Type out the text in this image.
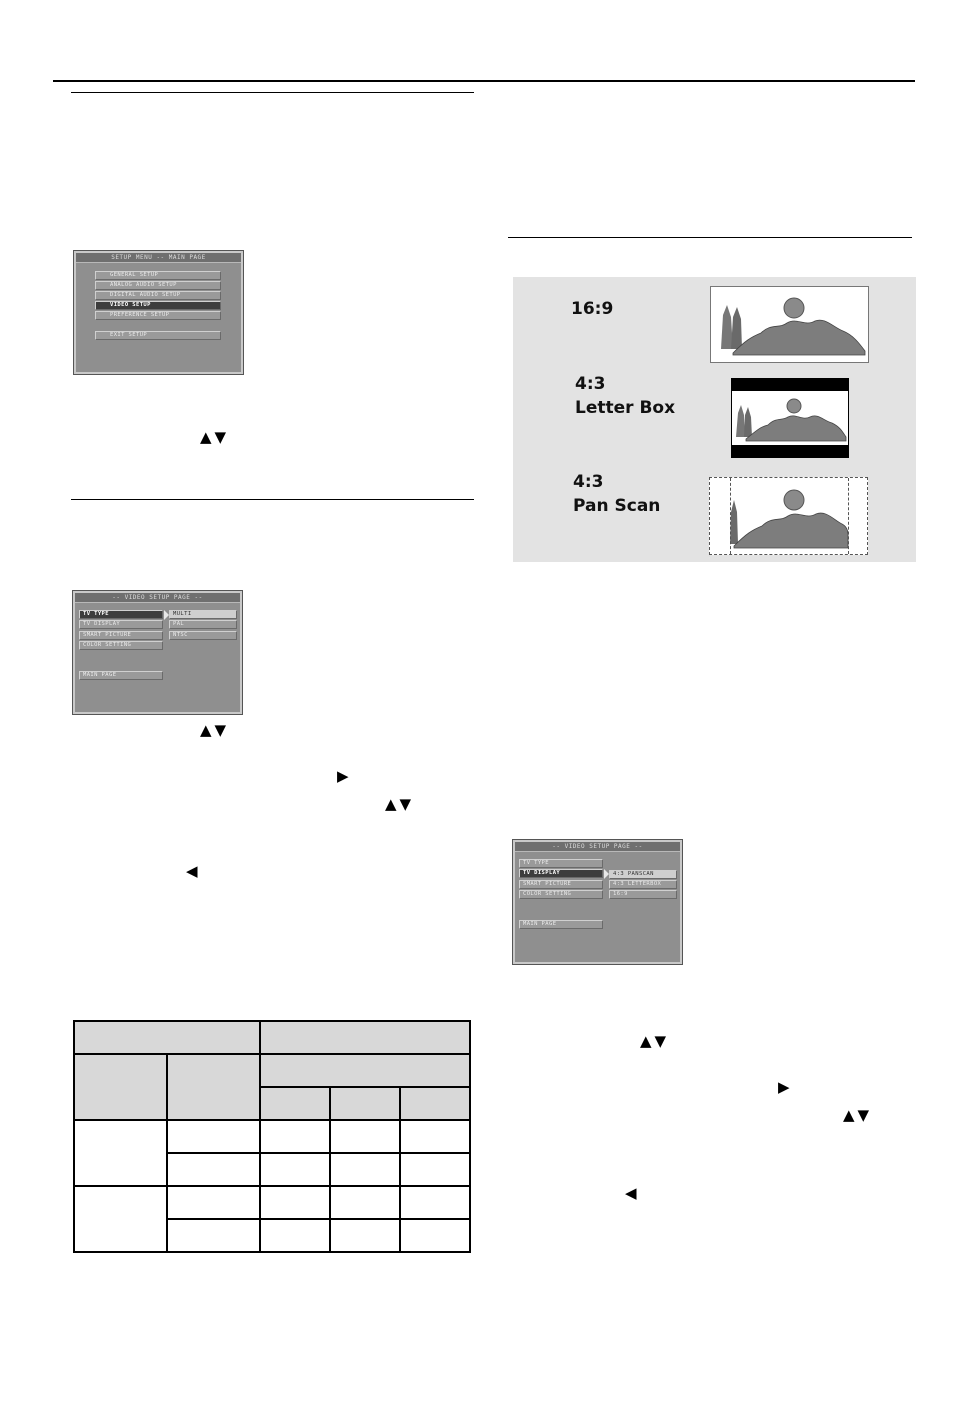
SETUP MENU -- MAIN PAGE
GENERAL SETUP
ANALOG AUDIO SETUP
DIGITAL AUDIO SETUP
VIDEO SETUP
PREFERENCE SETUP
EXIT SETUP
▲▼
-- VIDEO SETUP PAGE --
TV TYPE
TV DISPLAY
SMART PICTURE
COLOR SETTING
MULTI
PAL
NTSC
MAIN PAGE
▲▼
▶
▲▼
◀

16:9
4:3
Letter Box
4:3
Pan Scan
-- VIDEO SETUP PAGE --
TV TYPE
TV DISPLAY
SMART PICTURE
COLOR SETTING
4:3 PANSCAN
4:3 LETTERBOX
16:9
MAIN PAGE
▲▼
▶
▲▼
◀
